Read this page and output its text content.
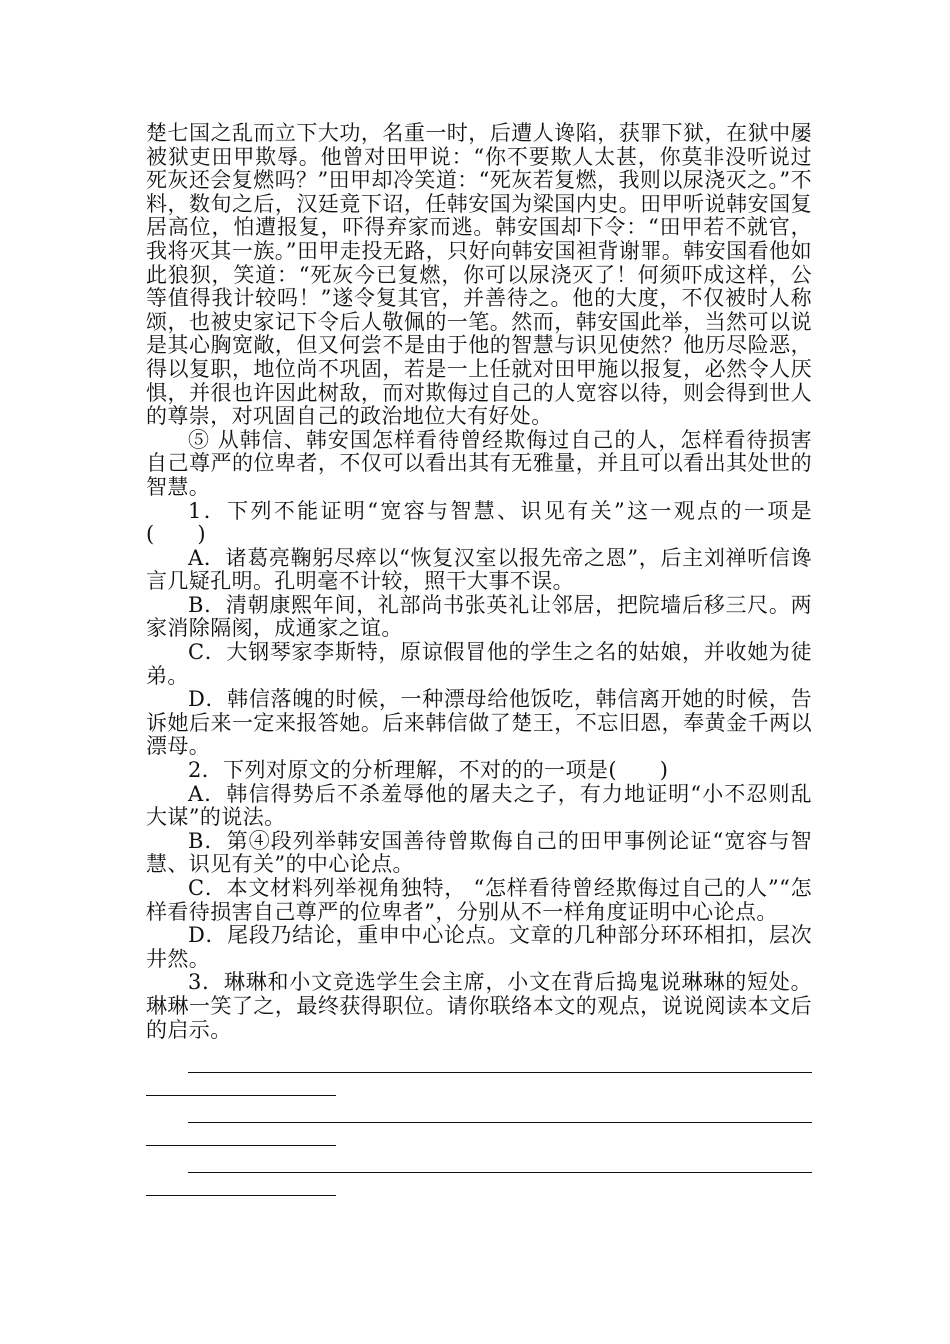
楚七国之乱而立下大功，名重一时，后遭人谗陷，获罪下狱，在狱中屡被狱吏田甲欺辱。他曾对田甲说：“你不要欺人太甚，你莫非没听说过死灰还会复燃吗？”田甲却冷笑道：“死灰若复燃，我则以尿浇灭之。”不料，数旬之后，汉廷竟下诏，任韩安国为梁国内史。田甲听说韩安国复居高位，怕遭报复，吓得弃家而逃。韩安国却下令：“田甲若不就官，我将灭其一族。”田甲走投无路，只好向韩安国袒背谢罪。韩安国看他如此狼狈，笑道：“死灰今已复燃，你可以尿浇灭了！何须吓成这样，公等值得我计较吗！”遂令复其官，并善待之。他的大度，不仅被时人称颂，也被史家记下令后人敬佩的一笔。然而，韩安国此举，当然可以说是其心胸宽敞，但又何尝不是由于他的智慧与识见使然？他历尽险恶，得以复职，地位尚不巩固，若是一上任就对田甲施以报复，必然令人厌惧，并很也许因此树敌，而对欺侮过自己的人宽容以待，则会得到世人的尊崇，对巩固自己的政治地位大有好处。

⑤ 从韩信、韩安国怎样看待曾经欺侮过自己的人，怎样看待损害自己尊严的位卑者，不仅可以看出其有无雅量，并且可以看出其处世的智慧。

1．下列不能证明“宽容与智慧、识见有关”这一观点的一项是(　　)

A．诸葛亮鞠躬尽瘁以“恢复汉室以报先帝之恩”，后主刘禅听信谗言几疑孔明。孔明毫不计较，照干大事不误。

B．清朝康熙年间，礼部尚书张英礼让邻居，把院墙后移三尺。两家消除隔阂，成通家之谊。

C．大钢琴家李斯特，原谅假冒他的学生之名的姑娘，并收她为徒弟。

D．韩信落魄的时候，一种漂母给他饭吃，韩信离开她的时候，告诉她后来一定来报答她。后来韩信做了楚王，不忘旧恩，奉黄金千两以漂母。

2．下列对原文的分析理解，不对的的一项是(　　)

A．韩信得势后不杀羞辱他的屠夫之子，有力地证明“小不忍则乱大谋”的说法。

B．第④段列举韩安国善待曾欺侮自己的田甲事例论证“宽容与智慧、识见有关”的中心论点。

C．本文材料列举视角独特， “怎样看待曾经欺侮过自己的人”“怎样看待损害自己尊严的位卑者”，分别从不一样角度证明中心论点。

D．尾段乃结论，重申中心论点。文章的几种部分环环相扣，层次井然。

3．琳琳和小文竞选学生会主席，小文在背后捣鬼说琳琳的短处。琳琳一笑了之，最终获得职位。请你联络本文的观点，说说阅读本文后的启示。
